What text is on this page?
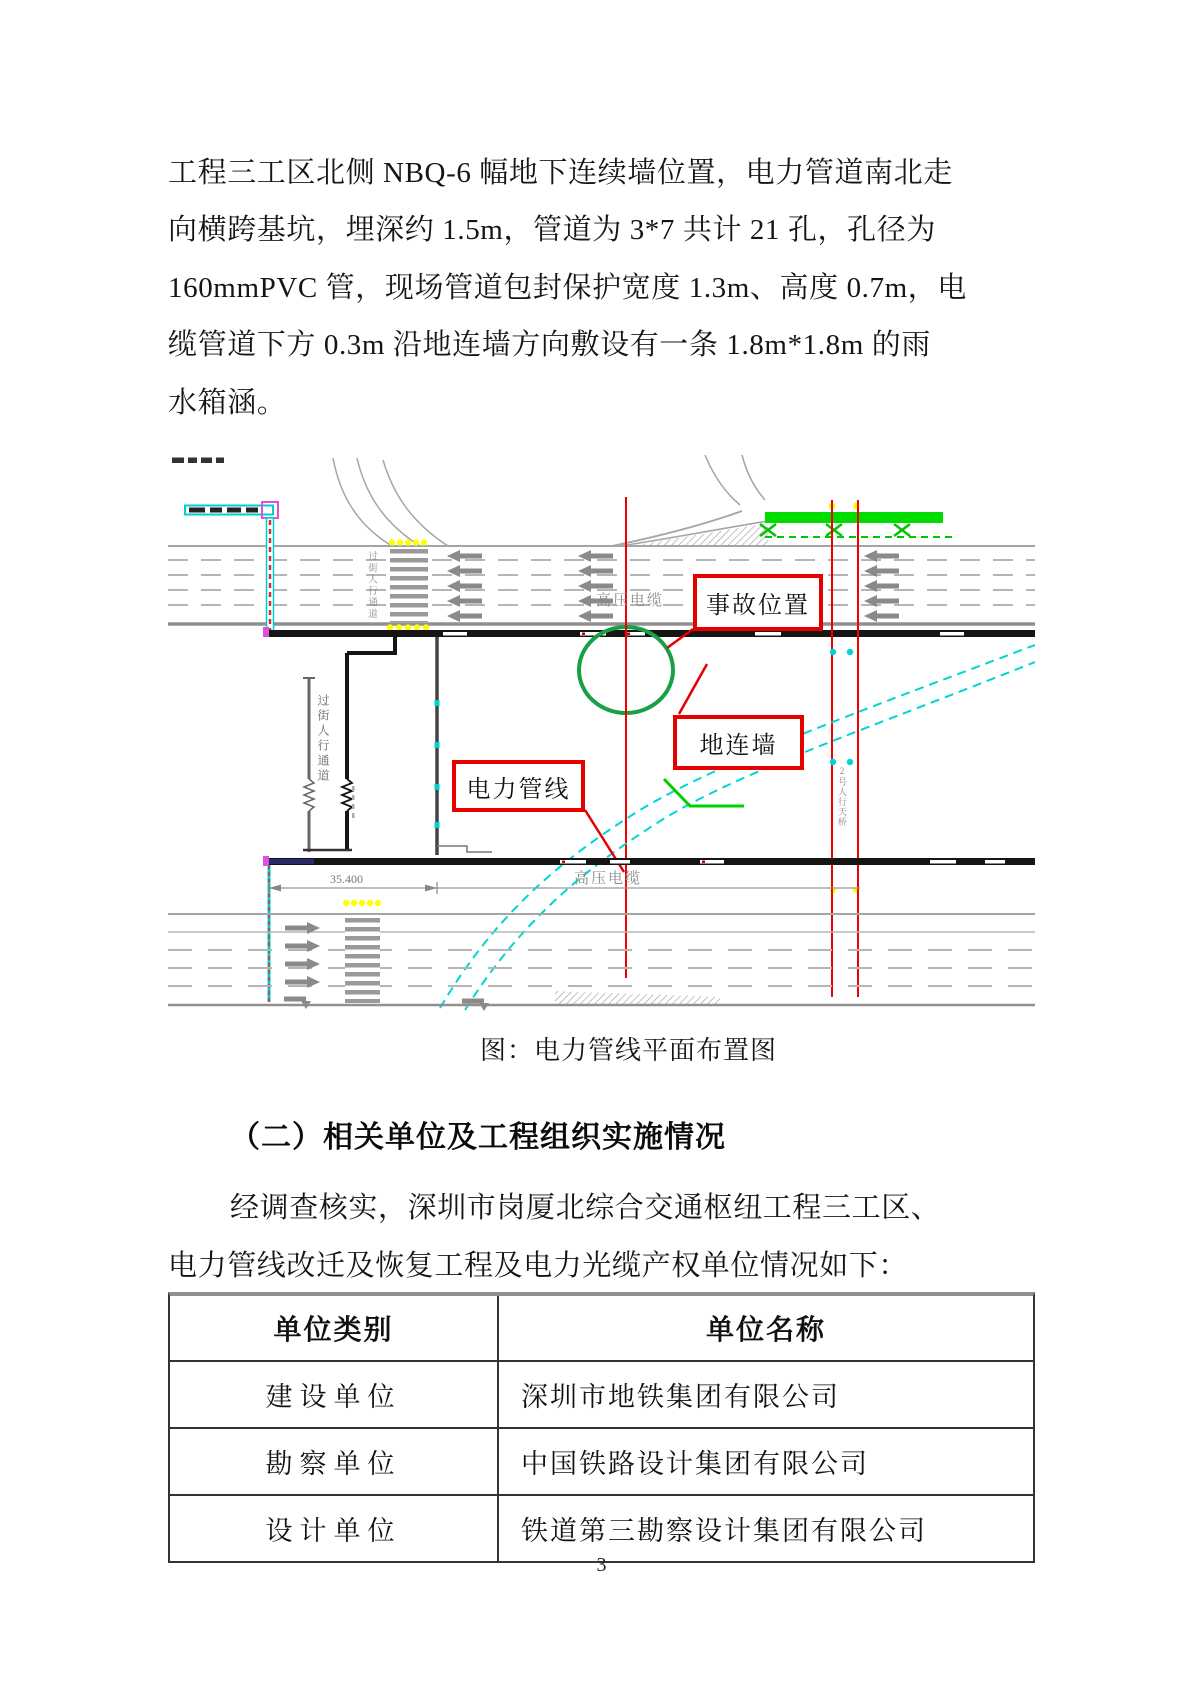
工程三工区北侧 NBQ-6 幅地下连续墙位置，电力管道南北走
向横跨基坑，埋深约 1.5m，管道为 3*7 共计 21 孔，孔径为
160mmPVC 管，现场管道包封保护宽度 1.3m、高度 0.7m，电
缆管道下方 0.3m 沿地连墙方向敷设有一条 1.8m*1.8m 的雨
水箱涵。
事故位置
地连墙
电力管线
高压电缆
高压电缆
35.400
过街人行通道
过街人行通道
2号人行天桥
图：电力管线平面布置图
（二）相关单位及工程组织实施情况
经调查核实，深圳市岗厦北综合交通枢纽工程三工区、
电力管线改迁及恢复工程及电力光缆产权单位情况如下：
单位类别	单位名称
建设单位	深圳市地铁集团有限公司
勘察单位	中国铁路设计集团有限公司
设计单位	铁道第三勘察设计集团有限公司
3
